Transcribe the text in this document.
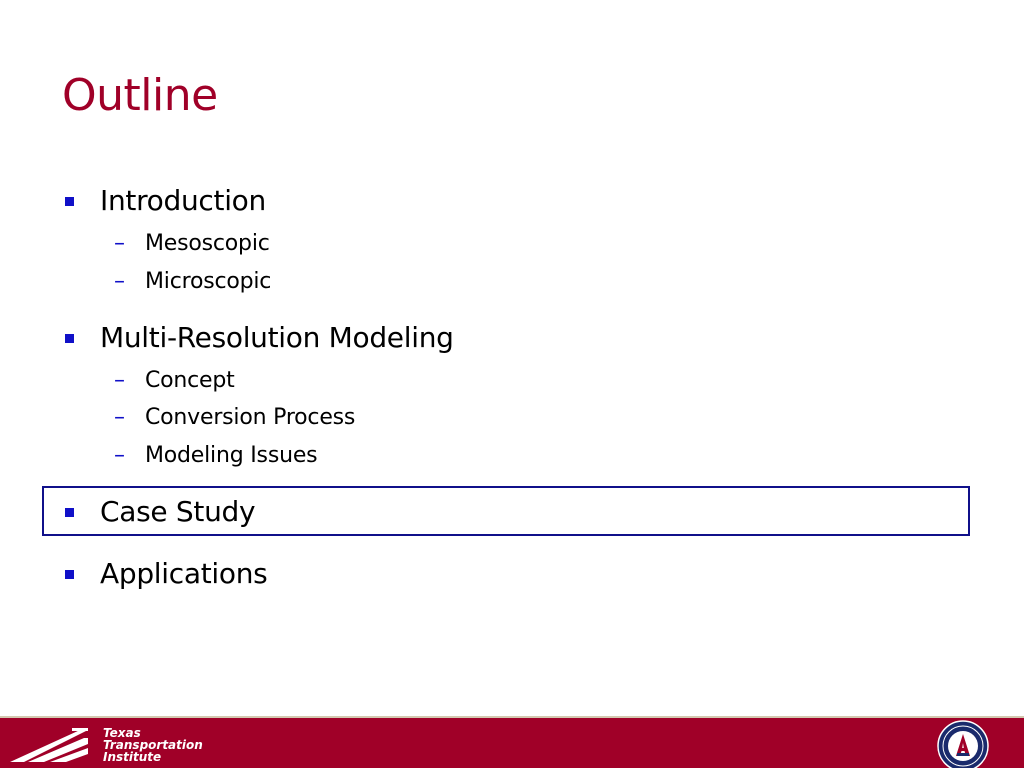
Outline
Introduction
– Mesoscopic
– Microscopic
Multi-Resolution Modeling
– Concept
– Conversion Process
– Modeling Issues
Case Study
Applications
Texas
Transportation
Institute
